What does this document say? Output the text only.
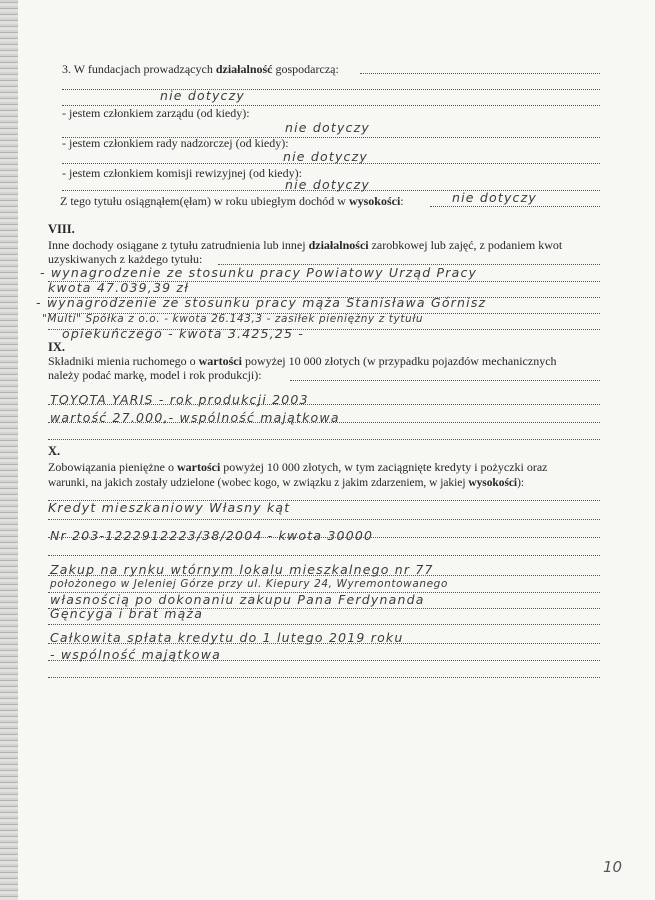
3. W fundacjach prowadzących działalność gospodarczą:
nie dotyczy
- jestem członkiem zarządu (od kiedy):
nie dotyczy
- jestem członkiem rady nadzorczej (od kiedy):
nie dotyczy
- jestem członkiem komisji rewizyjnej (od kiedy):
nie dotyczy
Z tego tytułu osiągnąłem(ęłam) w roku ubiegłym dochód w wysokości:	nie dotyczy
VIII.
Inne dochody osiągane z tytułu zatrudnienia lub innej działalności zarobkowej lub zajęć, z podaniem kwot
uzyskiwanych z każdego tytułu:
- wynagrodzenie ze stosunku pracy Powiatowy Urząd Pracy
kwota 47.039,39 zł
- wynagrodzenie ze stosunku pracy mąża Stanisława Górnisz
"Multi" Spółka z o.o. - kwota 26.143,3 - zasiłek pieniężny z tytułu
opiekuńczego - kwota 3.425,25 -
IX.
Składniki mienia ruchomego o wartości powyżej 10 000 złotych (w przypadku pojazdów mechanicznych
należy podać markę, model i rok produkcji):
TOYOTA YARIS - rok produkcji 2003
wartość 27.000,- wspólność majątkowa
X.
Zobowiązania pieniężne o wartości powyżej 10 000 złotych, w tym zaciągnięte kredyty i pożyczki oraz
warunki, na jakich zostały udzielone (wobec kogo, w związku z jakim zdarzeniem, w jakiej wysokości):
Kredyt mieszkaniowy Własny kąt
Nr 203-1222912223/38/2004 - kwota 30000
Zakup na rynku wtórnym lokalu mieszkalnego nr 77
położonego w Jeleniej Górze przy ul. Kiepury 24, Wyremontowanego
własnością po dokonaniu zakupu Pana Ferdynanda
Gęncyga i brat mąża
Całkowita spłata kredytu do 1 lutego 2019 roku
- wspólność majątkowa
10
